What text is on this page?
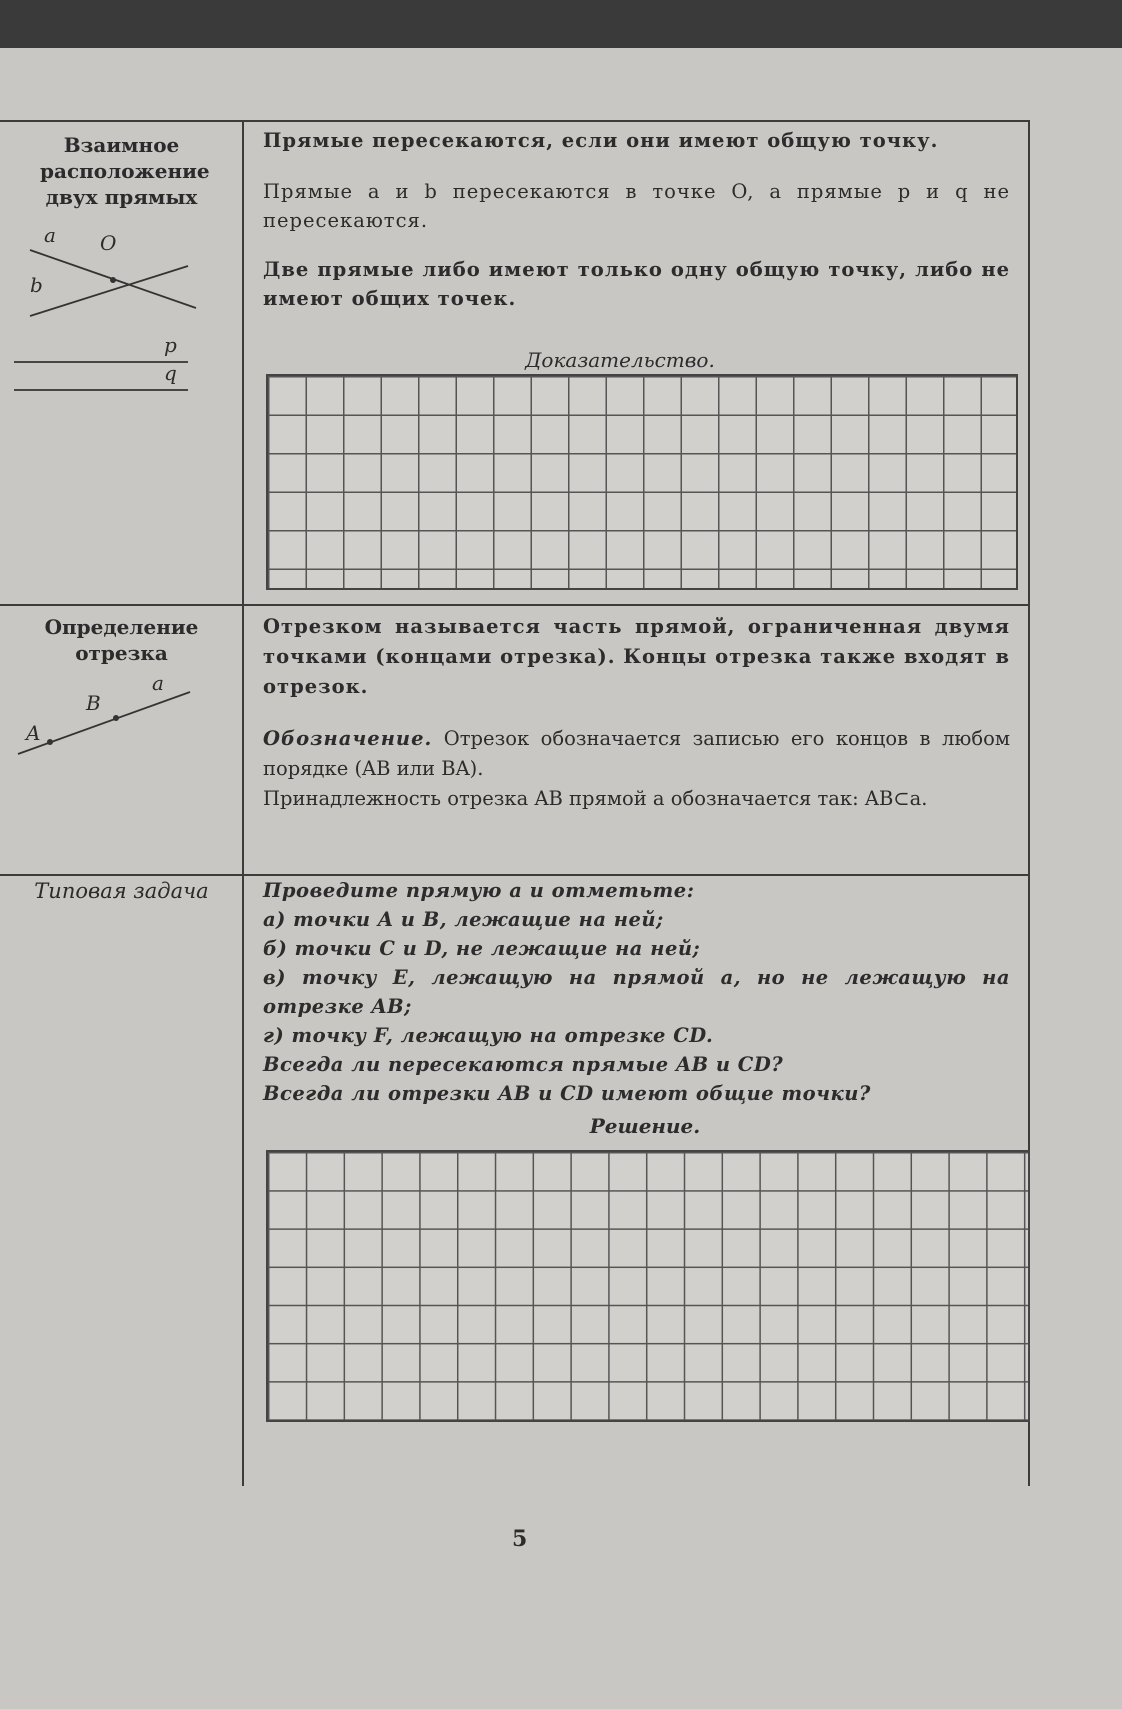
Взаимное расположение двух прямых
a O
b
p
q

Прямые пересекаются, если они имеют общую точку.

Прямые a и b пересекаются в точке O, а прямые p и q не пересекаются.

Две прямые либо имеют только одну общую точку, либо не имеют общих точек.

Доказательство.
Определение отрезка
a
B
A

Отрезком называется часть прямой, ограниченная двумя точками (концами отрезка). Концы отрезка также входят в отрезок.

Обозначение. Отрезок обозначается записью его концов в любом порядке (AB или BA).

Принадлежность отрезка AB прямой a обозначается так: AB⊂a.

Типовая задача	Проведите прямую а и отметьте:

а) точки A и B, лежащие на ней;

б) точки C и D, не лежащие на ней;

в) точку E, лежащую на прямой a, но не лежащую на отрезке AB;

г) точку F, лежащую на отрезке CD.

Всегда ли пересекаются прямые AB и CD?

Всегда ли отрезки AB и CD имеют общие точки?

Решение.
5
